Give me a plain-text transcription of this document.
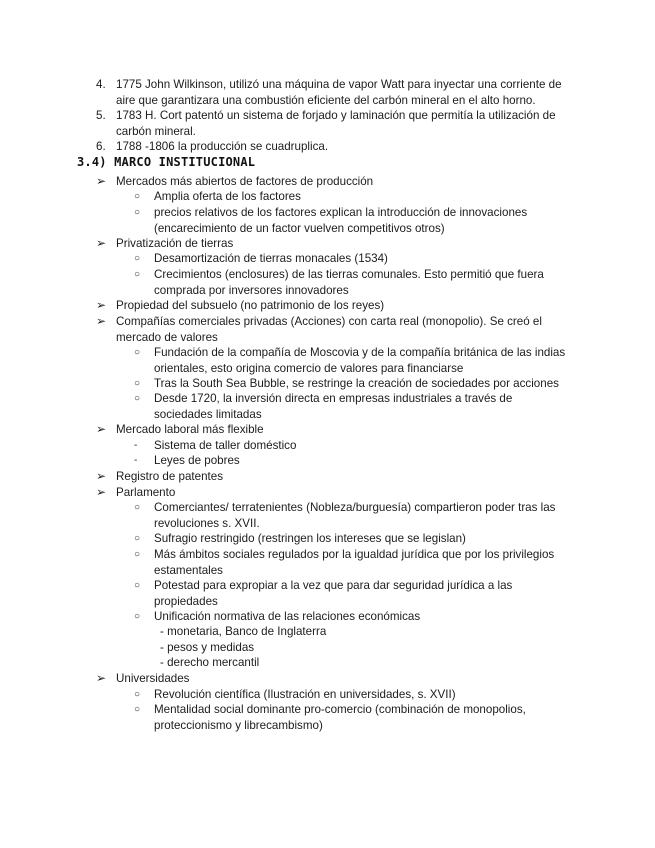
4. 1775 John Wilkinson, utilizó una máquina de vapor Watt para inyectar una corriente de
aire que garantizara una combustión eficiente del carbón mineral en el alto horno.
5. 1783 H. Cort patentó un sistema de forjado y laminación que permitía la utilización de
carbón mineral.
6. 1788 -1806 la producción se cuadruplica.
3.4) MARCO INSTITUCIONAL
➢ Mercados más abiertos de factores de producción
○	Amplia oferta de los factores
○	precios relativos de los factores explican la introducción de innovaciones
(encarecimiento de un factor vuelven competitivos otros)
➢ Privatización de tierras
○	Desamortización de tierras monacales (1534)
○	Crecimientos (enclosures) de las tierras comunales. Esto permitió que fuera
comprada por inversores innovadores
➢ Propiedad del subsuelo (no patrimonio de los reyes)
➢ Compañías comerciales privadas (Acciones) con carta real (monopolio). Se creó el
mercado de valores
○	Fundación de la compañía de Moscovia y de la compañía británica de las indias
orientales, esto origina comercio de valores para financiarse
○	Tras la South Sea Bubble, se restringe la creación de sociedades por acciones
○	Desde 1720, la inversión directa en empresas industriales a través de
sociedades limitadas
➢ Mercado laboral más flexible
-	Sistema de taller doméstico
-	Leyes de pobres
➢ Registro de patentes
➢ Parlamento
○	Comerciantes/ terratenientes (Nobleza/burguesía) compartieron poder tras las
revoluciones s. XVII.
○	Sufragio restringido (restringen los intereses que se legislan)
○	Más ámbitos sociales regulados por la igualdad jurídica que por los privilegios
estamentales
○	Potestad para expropiar a la vez que para dar seguridad jurídica a las
propiedades
○	Unificación normativa de las relaciones económicas
- monetaria, Banco de Inglaterra
- pesos y medidas
- derecho mercantil
➢ Universidades
○	Revolución científica (Ilustración en universidades, s. XVII)
○	Mentalidad social dominante pro-comercio (combinación de monopolios,
proteccionismo y librecambismo)
